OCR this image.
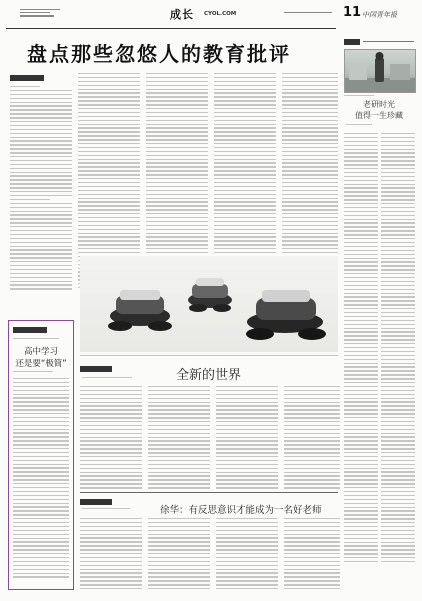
成长 CYOL.COM	11 中国青年报
盘点那些忽悠人的教育批评
老研时光
值得一生珍藏
高中学习
还是要“极简”
全新的世界
徐华：有反思意识才能成为一名好老师
